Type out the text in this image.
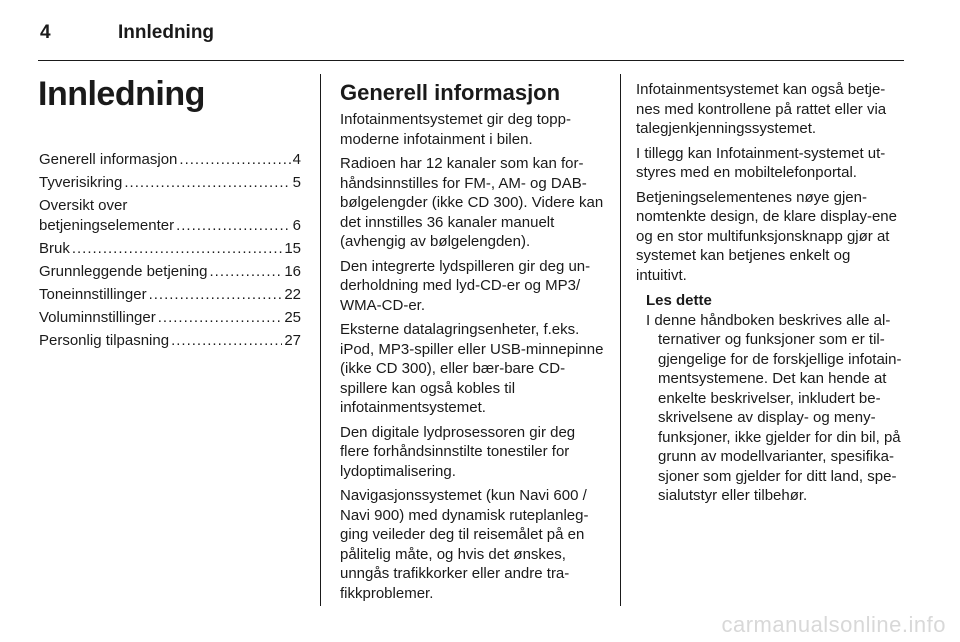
4	Innledning
Innledning
Generell informasjon .....	4
Tyverisikring .....	5
Oversikt over
betjeningselementer .....	6
Bruk .....	15
Grunnleggende betjening .....	16
Toneinnstillinger .....	22
Voluminnstillinger .....	25
Personlig tilpasning .....	27
Generell informasjon

Infotainmentsystemet gir deg topp-moderne infotainment i bilen.

Radioen har 12 kanaler som kan for-håndsinnstilles for FM-, AM- og DAB-bølgelengder (ikke CD 300). Videre kan det innstilles 36 kanaler manuelt (avhengig av bølgelengden).

Den integrerte lydspilleren gir deg un-derholdning med lyd-CD-er og MP3/ WMA-CD-er.

Eksterne datalagringsenheter, f.eks. iPod, MP3-spiller eller USB-minnepinne (ikke CD 300), eller bær-bare CD-spillere kan også kobles til infotainmentsystemet.

Den digitale lydprosessoren gir deg flere forhåndsinnstilte tonestiler for lydoptimalisering.

Navigasjonssystemet (kun Navi 600 / Navi 900) med dynamisk ruteplanleg-ging veileder deg til reisemålet på en pålitelig måte, og hvis det ønskes, unngås trafikkorker eller andre tra-fikkproblemer.

Infotainmentsystemet kan også betje-nes med kontrollene på rattet eller via talegjenkjenningssystemet.

I tillegg kan Infotainment-systemet ut-styres med en mobiltelefonportal.

Betjeningselementenes nøye gjen-nomtenkte design, de klare display-ene og en stor multifunksjonsknapp gjør at systemet kan betjenes enkelt og intuitivt.

Les dette

I denne håndboken beskrives alle al-ternativer og funksjoner som er til-gjengelige for de forskjellige infotain-mentsystemene. Det kan hende at enkelte beskrivelser, inkludert be-skrivelsene av display- og meny-funksjoner, ikke gjelder for din bil, på grunn av modellvarianter, spesifika-sjoner som gjelder for ditt land, spe-sialutstyr eller tilbehør.

carmanualsonline.info
